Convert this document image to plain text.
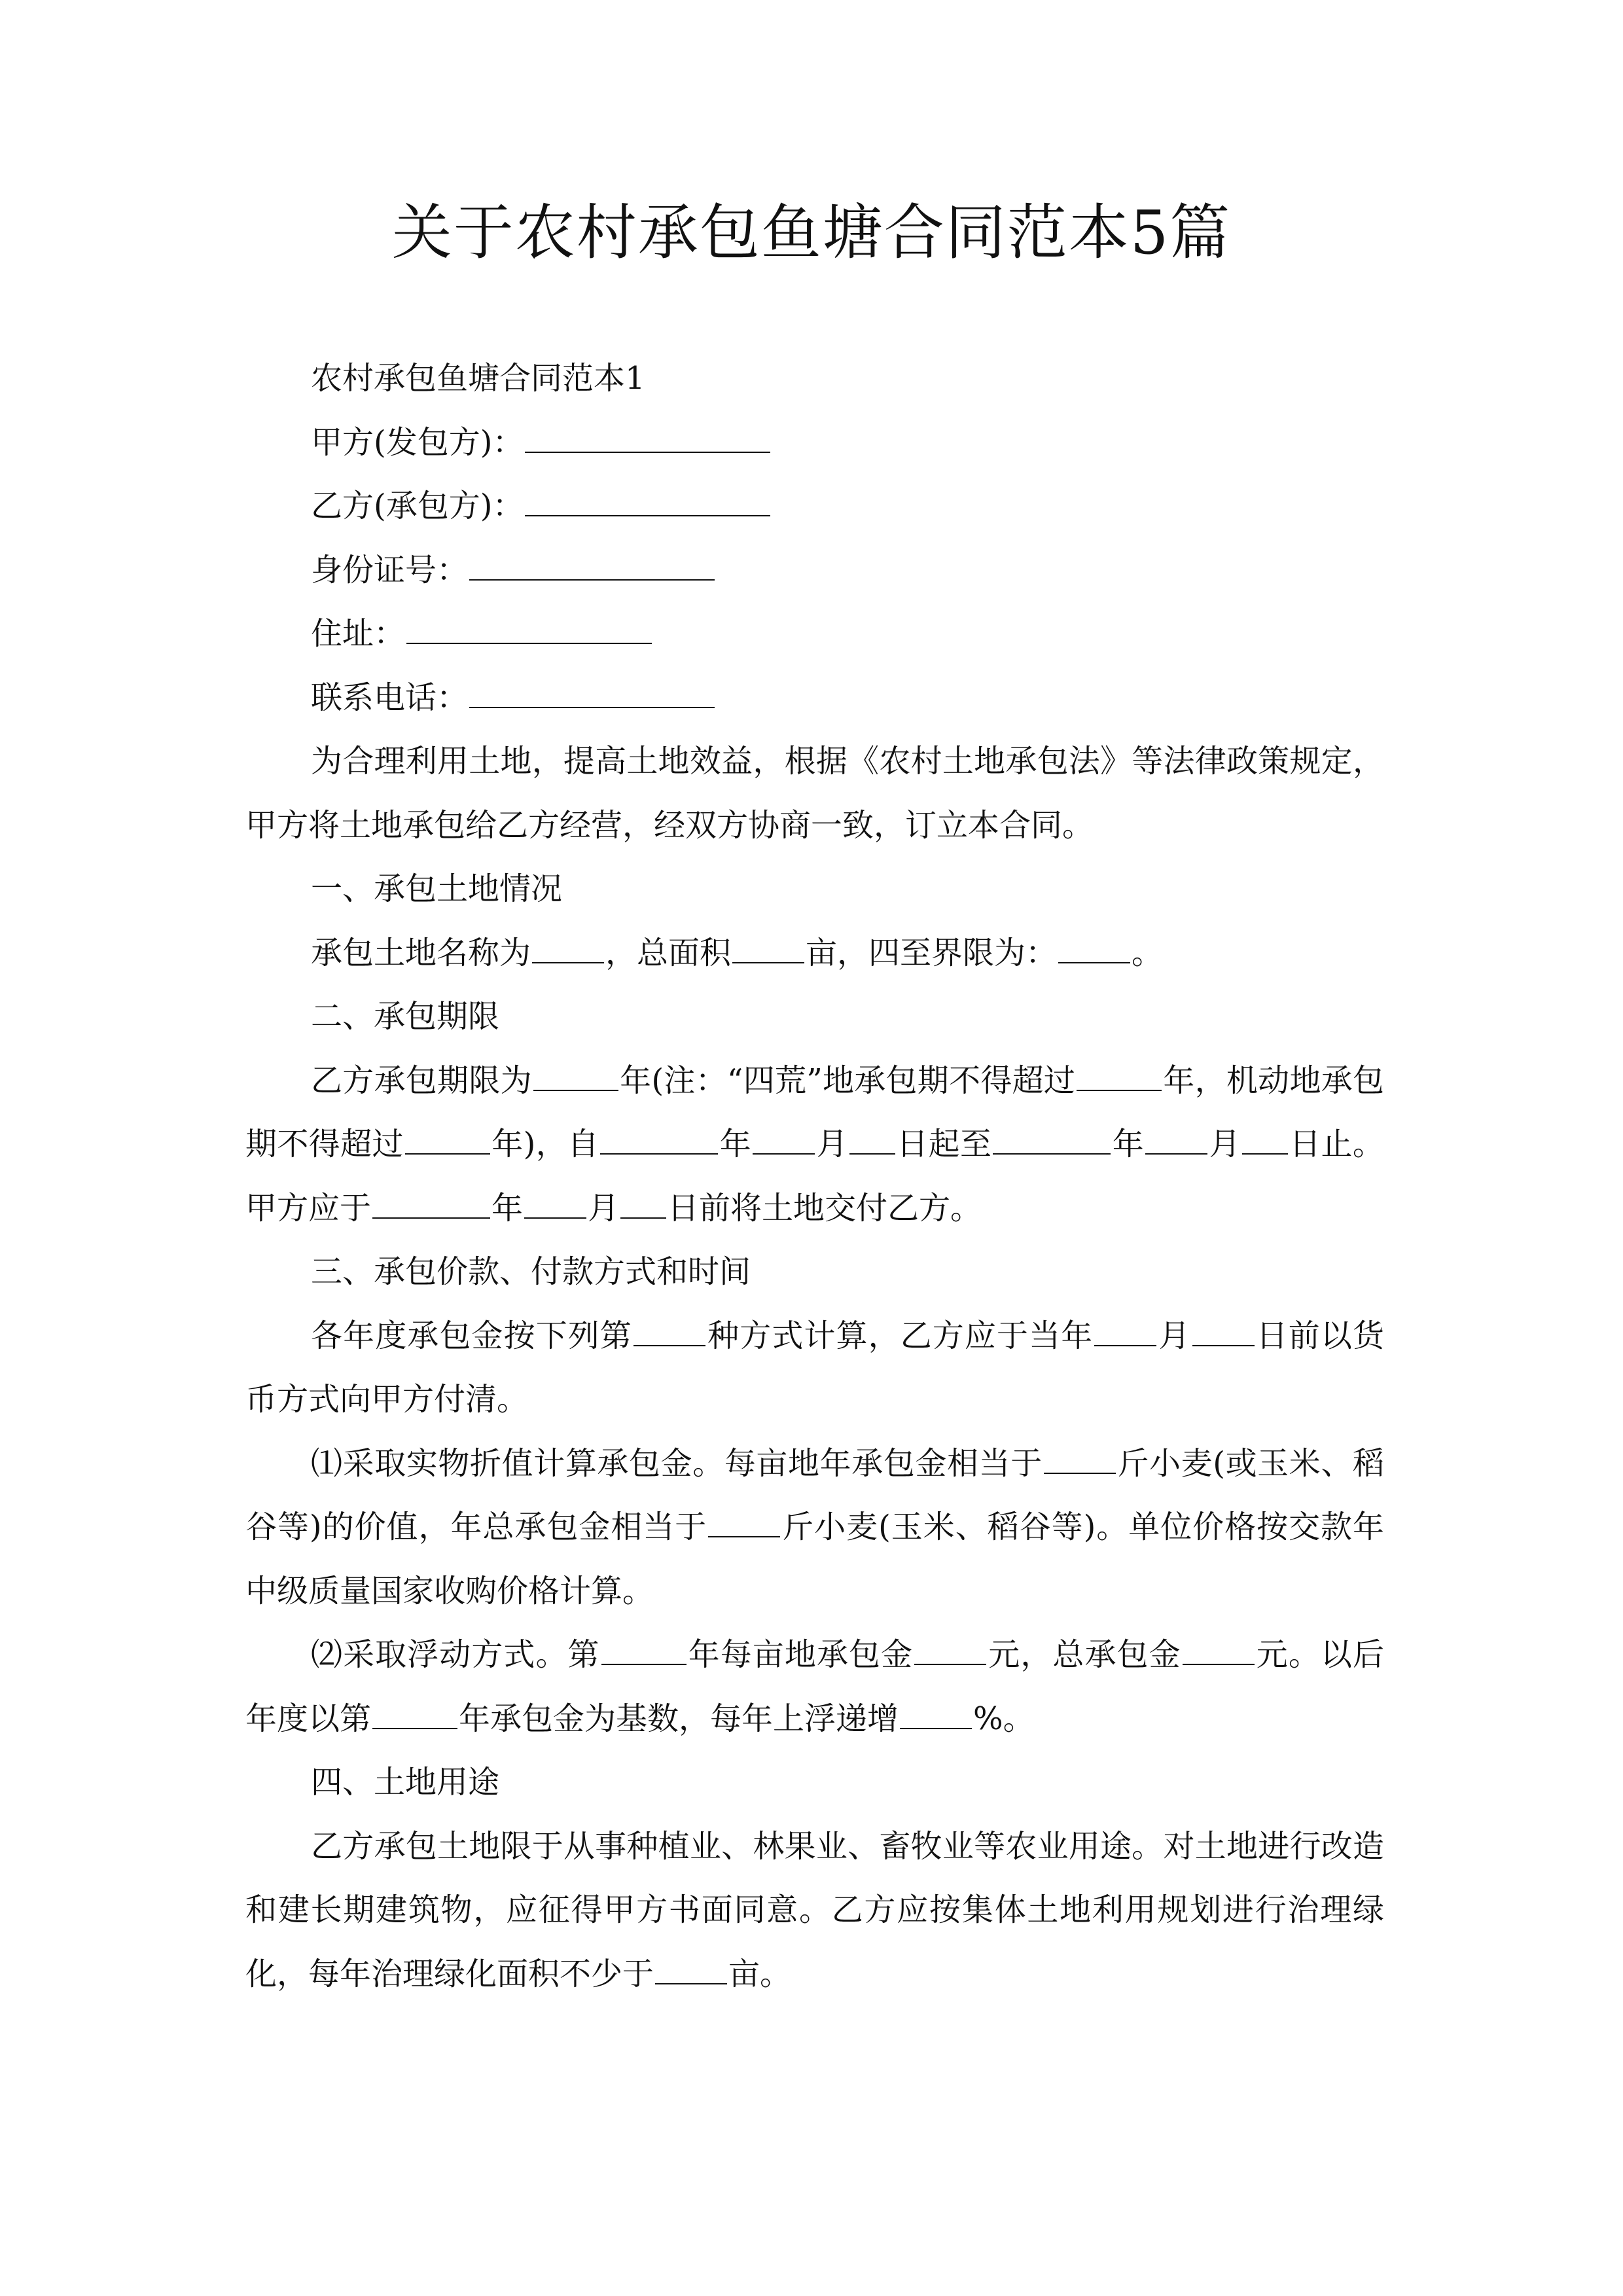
关于农村承包鱼塘合同范本5篇

农村承包鱼塘合同范本1

甲方(发包方)：

乙方(承包方)：

身份证号：

住址：

联系电话：

为合理利用土地，提高土地效益，根据《农村土地承包法》等法律政策规定，甲方将土地承包给乙方经营，经双方协商一致，订立本合同。

一、承包土地情况

承包土地名称为 ，总面积 亩，四至界限为： 。

二、承包期限

乙方承包期限为	年(注：“四荒”地承包期不得超过	年，机动地承包期不得超过	年)，自	年 月 日起至	年 月 日止。甲方应于	年 月 日前将土地交付乙方。

三、承包价款、付款方式和时间

各年度承包金按下列第 种方式计算，乙方应于当年 月 日前以货币方式向甲方付清。

⑴采取实物折值计算承包金。每亩地年承包金相当于 斤小麦(或玉米、稻谷等)的价值，年总承包金相当于 斤小麦(玉米、稻谷等)。单位价格按交款年中级质量国家收购价格计算。

⑵采取浮动方式。第	年每亩地承包金 元，总承包金 元。以后年度以第	年承包金为基数，每年上浮递增 %。

四、土地用途

乙方承包土地限于从事种植业、林果业、畜牧业等农业用途。对土地进行改造和建长期建筑物，应征得甲方书面同意。乙方应按集体土地利用规划进行治理绿化，每年治理绿化面积不少于 亩。
